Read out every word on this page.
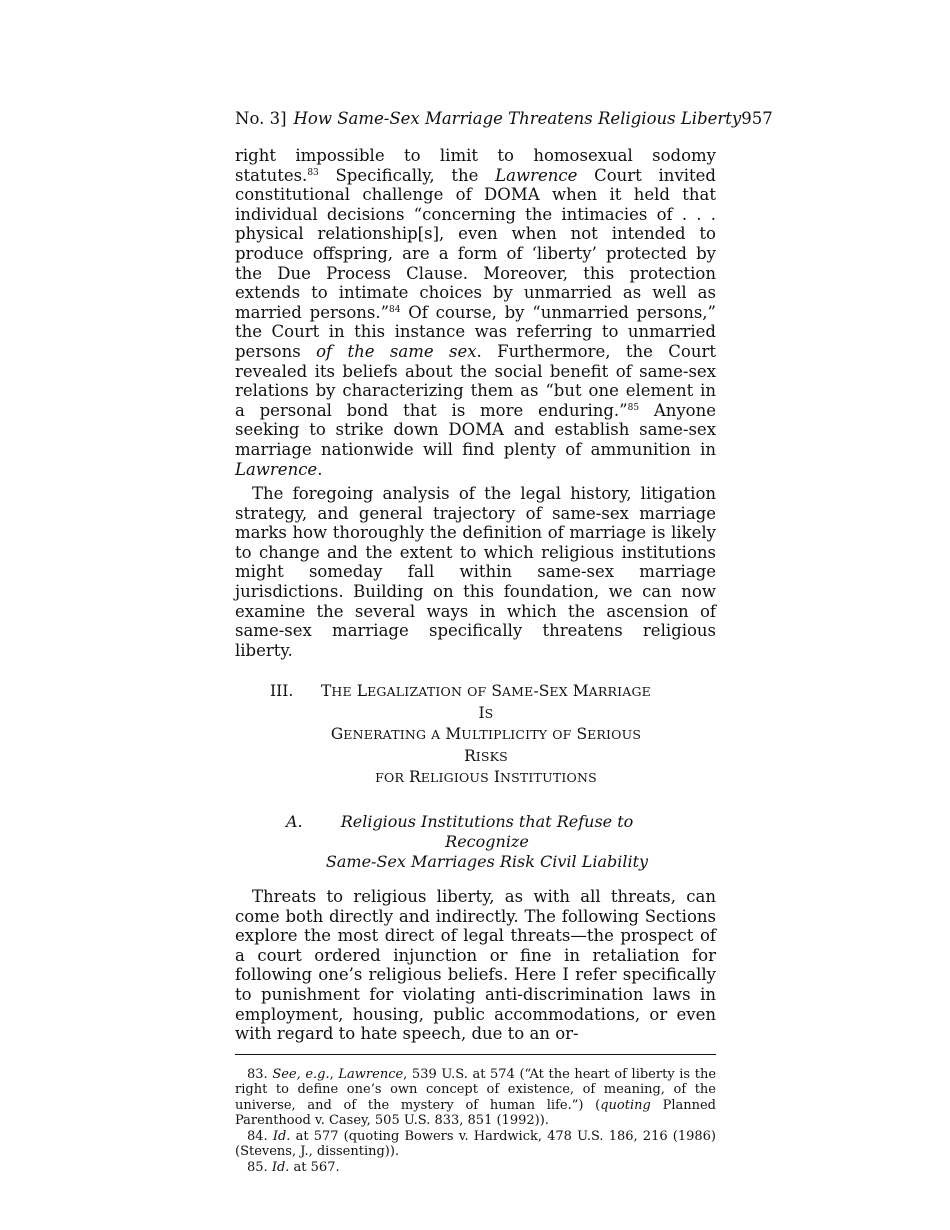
No. 3] How Same-Sex Marriage Threatens Religious Liberty 957

right impossible to limit to homosexual sodomy statutes.$^{83}$ Specifically, the Lawrence Court invited constitutional challenge of DOMA when it held that individual decisions “concerning the intimacies of . . . physical relationship[s], even when not intended to produce offspring, are a form of ‘liberty’ protected by the Due Process Clause. Moreover, this protection extends to intimate choices by unmarried as well as married persons.”$^{84}$ Of course, by “unmarried persons,” the Court in this instance was referring to unmarried persons of the same sex. Furthermore, the Court revealed its beliefs about the social benefit of same-sex relations by characterizing them as “but one element in a personal bond that is more enduring.”$^{85}$ Anyone seeking to strike down DOMA and establish same-sex marriage nationwide will find plenty of ammunition in Lawrence.

The foregoing analysis of the legal history, litigation strategy, and general trajectory of same-sex marriage marks how thoroughly the definition of marriage is likely to change and the extent to which religious institutions might someday fall within same-sex marriage jurisdictions. Building on this foundation, we can now examine the several ways in which the ascension of same-sex marriage specifically threatens religious liberty.

III.	THE LEGALIZATION OF SAME-SEX MARRIAGE IS
GENERATING A MULTIPLICITY OF SERIOUS RISKS
FOR RELIGIOUS INSTITUTIONS
A.	Religious Institutions that Refuse to Recognize
Same-Sex Marriages Risk Civil Liability

Threats to religious liberty, as with all threats, can come both directly and indirectly. The following Sections explore the most direct of legal threats—the prospect of a court ordered injunction or fine in retaliation for following one’s religious beliefs. Here I refer specifically to punishment for violating anti-discrimination laws in employment, housing, public accommodations, or even with regard to hate speech, due to an or-

83. See, e.g., Lawrence, 539 U.S. at 574 (“At the heart of liberty is the right to define one’s own concept of existence, of meaning, of the universe, and of the mystery of human life.”) (quoting Planned Parenthood v. Casey, 505 U.S. 833, 851 (1992)).

84. Id. at 577 (quoting Bowers v. Hardwick, 478 U.S. 186, 216 (1986) (Stevens, J., dissenting)).

85. Id. at 567.
